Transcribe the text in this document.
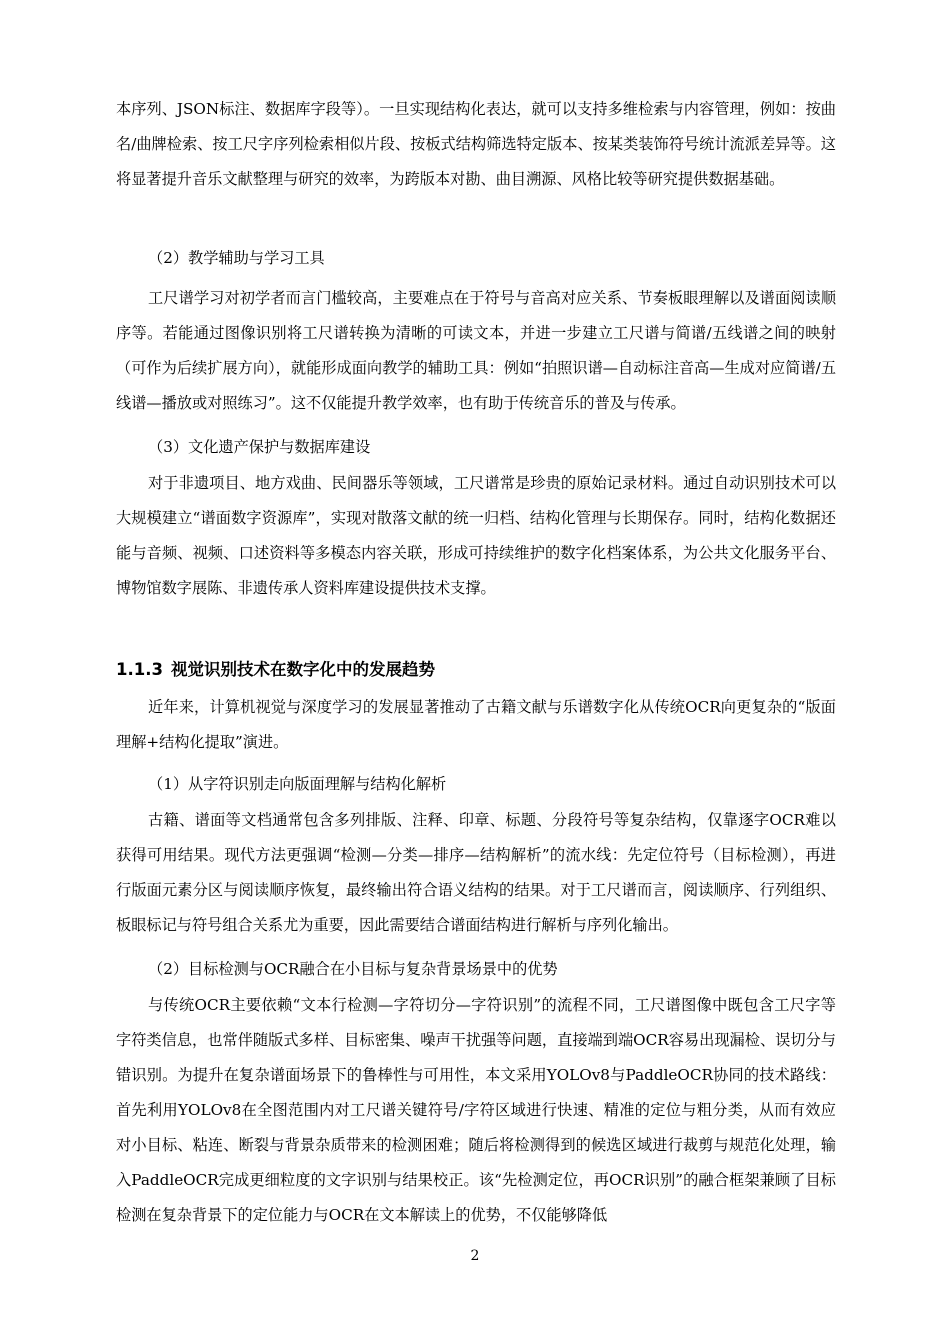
本序列、JSON标注、数据库字段等）。一旦实现结构化表达，就可以支持多维检索与内容管理，例如：按曲名/曲牌检索、按工尺字序列检索相似片段、按板式结构筛选特定版本、按某类装饰符号统计流派差异等。这将显著提升音乐文献整理与研究的效率，为跨版本对勘、曲目溯源、风格比较等研究提供数据基础。

（2）教学辅助与学习工具

工尺谱学习对初学者而言门槛较高，主要难点在于符号与音高对应关系、节奏板眼理解以及谱面阅读顺序等。若能通过图像识别将工尺谱转换为清晰的可读文本，并进一步建立工尺谱与简谱/五线谱之间的映射（可作为后续扩展方向），就能形成面向教学的辅助工具：例如“拍照识谱—自动标注音高—生成对应简谱/五线谱—播放或对照练习”。这不仅能提升教学效率，也有助于传统音乐的普及与传承。

（3）文化遗产保护与数据库建设

对于非遗项目、地方戏曲、民间器乐等领域，工尺谱常是珍贵的原始记录材料。通过自动识别技术可以大规模建立“谱面数字资源库”，实现对散落文献的统一归档、结构化管理与长期保存。同时，结构化数据还能与音频、视频、口述资料等多模态内容关联，形成可持续维护的数字化档案体系，为公共文化服务平台、博物馆数字展陈、非遗传承人资料库建设提供技术支撑。

1.1.3 视觉识别技术在数字化中的发展趋势

近年来，计算机视觉与深度学习的发展显著推动了古籍文献与乐谱数字化从传统OCR向更复杂的“版面理解+结构化提取”演进。

（1）从字符识别走向版面理解与结构化解析

古籍、谱面等文档通常包含多列排版、注释、印章、标题、分段符号等复杂结构，仅靠逐字OCR难以获得可用结果。现代方法更强调“检测—分类—排序—结构解析”的流水线：先定位符号（目标检测），再进行版面元素分区与阅读顺序恢复，最终输出符合语义结构的结果。对于工尺谱而言，阅读顺序、行列组织、板眼标记与符号组合关系尤为重要，因此需要结合谱面结构进行解析与序列化输出。

（2）目标检测与OCR融合在小目标与复杂背景场景中的优势

与传统OCR主要依赖“文本行检测—字符切分—字符识别”的流程不同，工尺谱图像中既包含工尺字等字符类信息，也常伴随版式多样、目标密集、噪声干扰强等问题，直接端到端OCR容易出现漏检、误切分与错识别。为提升在复杂谱面场景下的鲁棒性与可用性，本文采用YOLOv8与PaddleOCR协同的技术路线：首先利用YOLOv8在全图范围内对工尺谱关键符号/字符区域进行快速、精准的定位与粗分类，从而有效应对小目标、粘连、断裂与背景杂质带来的检测困难；随后将检测得到的候选区域进行裁剪与规范化处理，输入PaddleOCR完成更细粒度的文字识别与结果校正。该“先检测定位，再OCR识别”的融合框架兼顾了目标检测在复杂背景下的定位能力与OCR在文本解读上的优势，不仅能够降低

2
